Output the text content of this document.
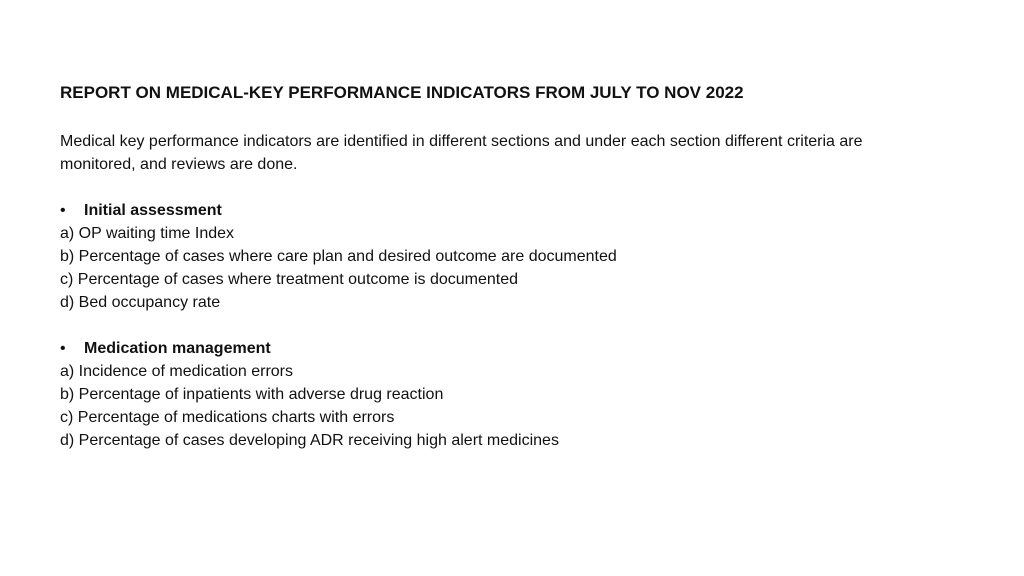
REPORT ON MEDICAL-KEY PERFORMANCE INDICATORS FROM JULY TO NOV 2022

Medical key performance indicators are identified in different sections and under each section different criteria are monitored, and reviews are done.

•	Initial assessment
a) OP waiting time Index
b) Percentage of cases where care plan and desired outcome are documented
c) Percentage of cases where treatment outcome is documented
d) Bed occupancy rate
•	Medication management
a) Incidence of medication errors
b) Percentage of inpatients with adverse drug reaction
c) Percentage of medications charts with errors
d) Percentage of cases developing ADR receiving high alert medicines
